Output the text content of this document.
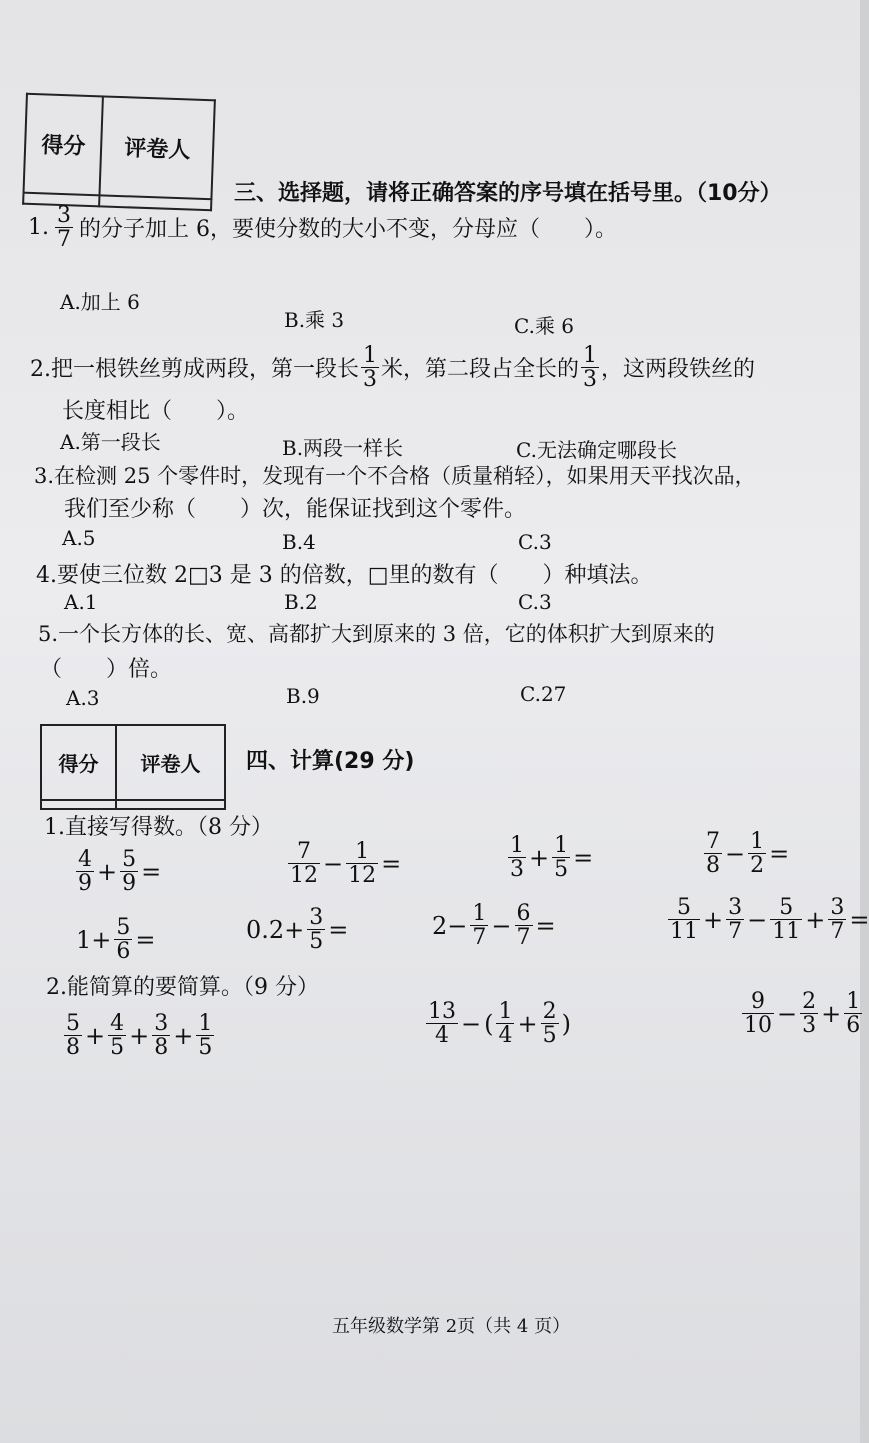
得分	评卷人

三、选择题，请将正确答案的序号填在括号里。（10分）
1. $\frac{3}{7}$ 的分子加上 6，要使分数的大小不变，分母应（　　）。
A.加上 6
B.乘 3	C.乘 6
2.把一根铁丝剪成两段，第一段长 $\frac{1}{3}$ 米，第二段占全长的 $\frac{1}{3}$ ，这两段铁丝的
长度相比（　　）。
A.第一段长	B.两段一样长	C.无法确定哪段长
3.在检测 25 个零件时，发现有一个不合格（质量稍轻），如果用天平找次品，
我们至少称（　　）次，能保证找到这个零件。
A.5	B.4	C.3
4.要使三位数 2□3 是 3 的倍数，□里的数有（　　）种填法。
A.1	B.2	C.3
5.一个长方体的长、宽、高都扩大到原来的 3 倍，它的体积扩大到原来的
（　　）倍。
A.3	B.9	C.27
得分	评卷人
	四、计算(29 分)
1.直接写得数。（8 分）
$\frac{4}{9} + \frac{5}{9}$ =	$\frac{7}{12} - \frac{1}{12}$ =	$\frac{1}{3} + \frac{1}{5}$ =	$\frac{7}{8} - \frac{1}{2}$ =
$1+ \frac{5}{6}$ =	$0.2+ \frac{3}{5}$ =	$2- \frac{1}{7} - \frac{6}{7}$ =	$\frac{5}{11} + \frac{3}{7} - \frac{5}{11} + \frac{3}{7}$ =
2.能简算的要简算。（9 分）
$\frac{5}{8} + \frac{4}{5} + \frac{3}{8} + \frac{1}{5}$	$\frac{13}{4}$ − ( $\frac{1}{4} + \frac{2}{5}$ )	$\frac{9}{10} - \frac{2}{3} + \frac{1}{6}$
五年级数学第 2页（共 4 页）
